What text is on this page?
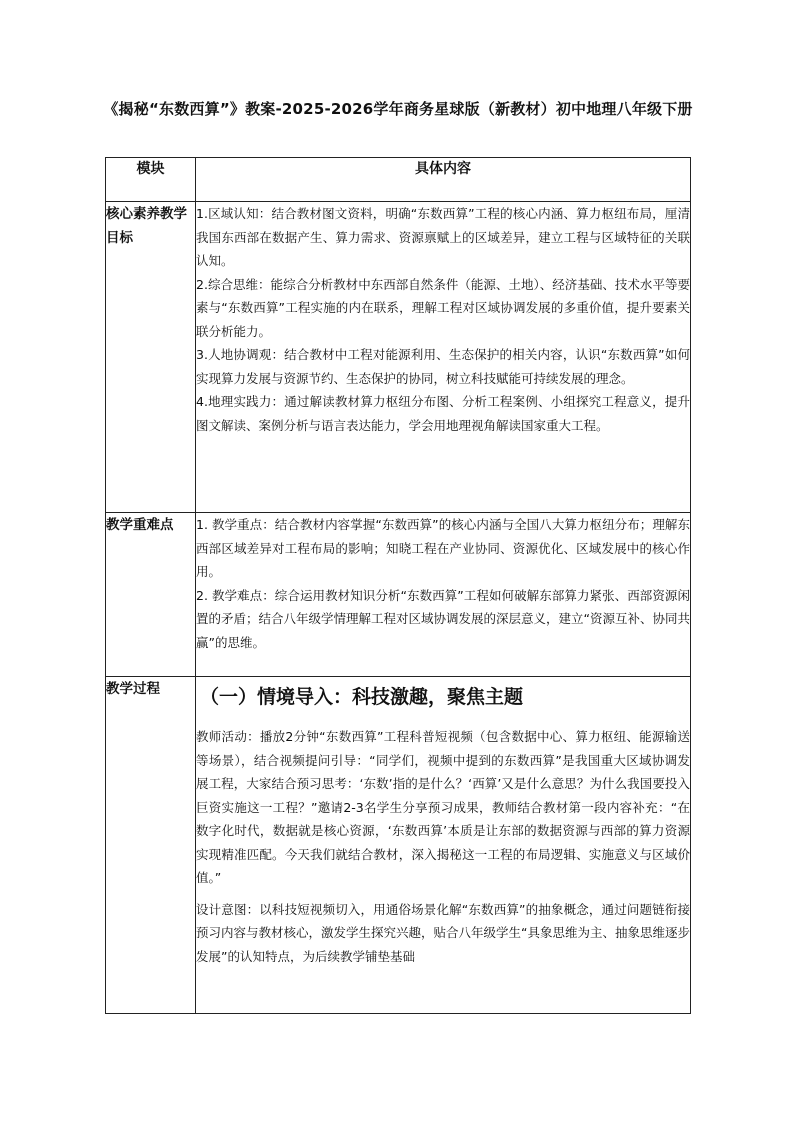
《揭秘“东数西算”》教案-2025-2026学年商务星球版（新教材）初中地理八年级下册
模块	具体内容
核心素养教学目标	1.区域认知：结合教材图文资料，明确“东数西算”工程的核心内涵、算力枢纽布局，厘清我国东西部在数据产生、算力需求、资源禀赋上的区域差异，建立工程与区域特征的关联认知。

2.综合思维：能综合分析教材中东西部自然条件（能源、土地）、经济基础、技术水平等要素与“东数西算”工程实施的内在联系，理解工程对区域协调发展的多重价值，提升要素关联分析能力。

3.人地协调观：结合教材中工程对能源利用、生态保护的相关内容，认识“东数西算”如何实现算力发展与资源节约、生态保护的协同，树立科技赋能可持续发展的理念。

4.地理实践力：通过解读教材算力枢纽分布图、分析工程案例、小组探究工程意义，提升图文解读、案例分析与语言表达能力，学会用地理视角解读国家重大工程。

教学重难点	1. 教学重点：结合教材内容掌握“东数西算”的核心内涵与全国八大算力枢纽分布；理解东西部区域差异对工程布局的影响；知晓工程在产业协同、资源优化、区域发展中的核心作用。

2. 教学难点：综合运用教材知识分析“东数西算”工程如何破解东部算力紧张、西部资源闲置的矛盾；结合八年级学情理解工程对区域协调发展的深层意义，建立“资源互补、协同共赢”的思维。

教学过程	（一）情境导入：科技激趣，聚焦主题

教师活动：播放2分钟“东数西算”工程科普短视频（包含数据中心、算力枢纽、能源输送等场景），结合视频提问引导：“同学们，视频中提到的东数西算”是我国重大区域协调发展工程，大家结合预习思考：‘东数’指的是什么？‘西算’又是什么意思？为什么我国要投入巨资实施这一工程？”邀请2-3名学生分享预习成果，教师结合教材第一段内容补充：“在数字化时代，数据就是核心资源，‘东数西算’本质是让东部的数据资源与西部的算力资源实现精准匹配。今天我们就结合教材，深入揭秘这一工程的布局逻辑、实施意义与区域价值。”

设计意图：以科技短视频切入，用通俗场景化解“东数西算”的抽象概念，通过问题链衔接预习内容与教材核心，激发学生探究兴趣，贴合八年级学生“具象思维为主、抽象思维逐步发展”的认知特点，为后续教学铺垫基础
